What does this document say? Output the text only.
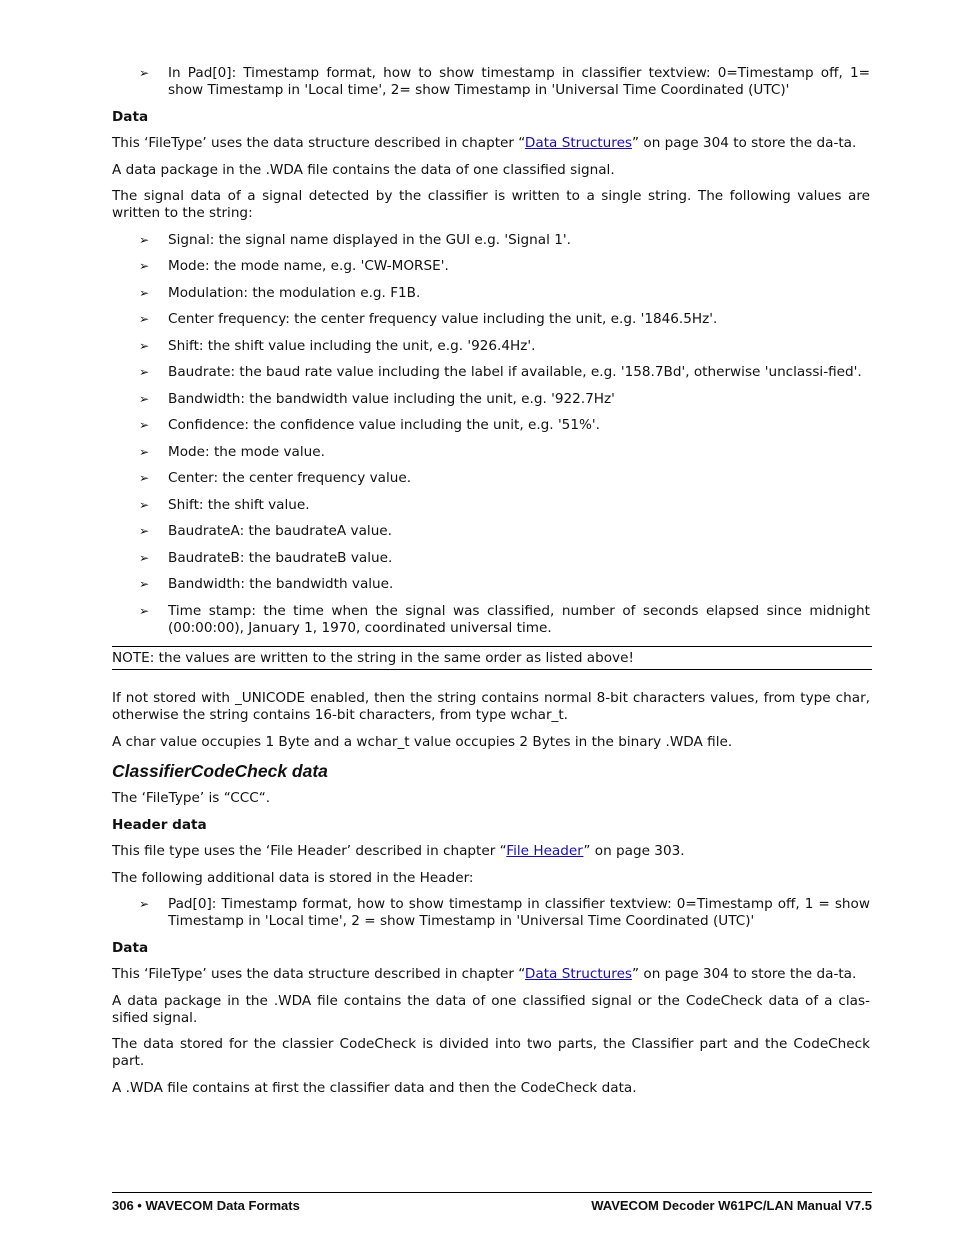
➢ In Pad[0]: Timestamp format, how to show timestamp in classifier textview: 0=Timestamp off, 1= show Timestamp in 'Local time', 2= show Timestamp in 'Universal Time Coordinated (UTC)'
Data

This ‘FileType’ uses the data structure described in chapter “Data Structures” on page 304 to store the da-ta.

A data package in the .WDA file contains the data of one classified signal.

The signal data of a signal detected by the classifier is written to a single string. The following values are written to the string:

➢ Signal: the signal name displayed in the GUI e.g. 'Signal 1'.
➢ Mode: the mode name, e.g. 'CW-MORSE'.
➢ Modulation: the modulation e.g. F1B.
➢ Center frequency: the center frequency value including the unit, e.g. '1846.5Hz'.
➢ Shift: the shift value including the unit, e.g. '926.4Hz'.
➢ Baudrate: the baud rate value including the label if available, e.g. '158.7Bd', otherwise 'unclassi-fied'.
➢ Bandwidth: the bandwidth value including the unit, e.g. '922.7Hz'
➢ Confidence: the confidence value including the unit, e.g. '51%'.
➢ Mode: the mode value.
➢ Center: the center frequency value.
➢ Shift: the shift value.
➢ BaudrateA: the baudrateA value.
➢ BaudrateB: the baudrateB value.
➢ Bandwidth: the bandwidth value.
➢ Time stamp: the time when the signal was classified, number of seconds elapsed since midnight (00:00:00), January 1, 1970, coordinated universal time.
NOTE: the values are written to the string in the same order as listed above!

If not stored with _UNICODE enabled, then the string contains normal 8-bit characters values, from type char, otherwise the string contains 16-bit characters, from type wchar_t.

A char value occupies 1 Byte and a wchar_t value occupies 2 Bytes in the binary .WDA file.

ClassifierCodeCheck data

The ‘FileType’ is “CCC“.

Header data

This file type uses the ‘File Header’ described in chapter “File Header” on page 303.

The following additional data is stored in the Header:

➢ Pad[0]: Timestamp format, how to show timestamp in classifier textview: 0=Timestamp off, 1 = show Timestamp in 'Local time', 2 = show Timestamp in 'Universal Time Coordinated (UTC)'
Data

This ‘FileType’ uses the data structure described in chapter “Data Structures” on page 304 to store the da-ta.

A data package in the .WDA file contains the data of one classified signal or the CodeCheck data of a clas-sified signal.

The data stored for the classier CodeCheck is divided into two parts, the Classifier part and the CodeCheck part.

A .WDA file contains at first the classifier data and then the CodeCheck data.

306 • WAVECOM Data Formats	WAVECOM Decoder W61PC/LAN Manual V7.5
